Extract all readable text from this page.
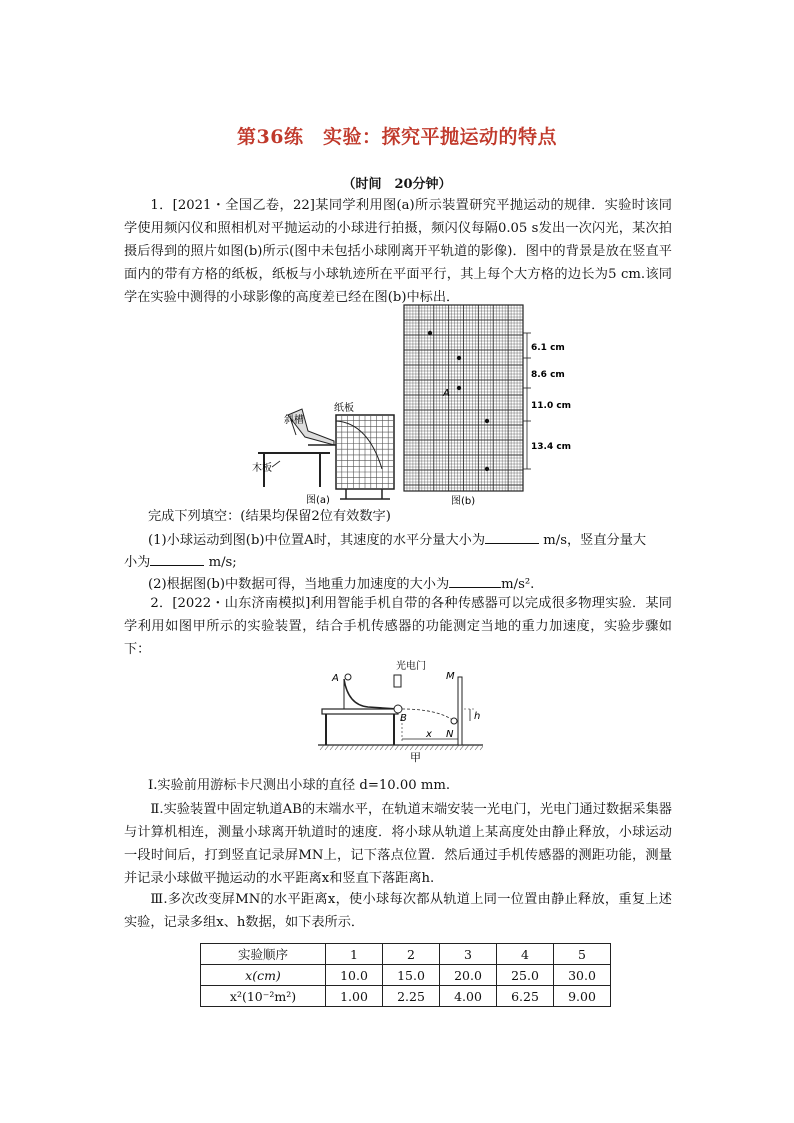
第36练　实验：探究平抛运动的特点
（时间　20分钟）
1．[2021・全国乙卷，22]某同学利用图(a)所示装置研究平抛运动的规律．实验时该同学使用频闪仪和照相机对平抛运动的小球进行拍摄，频闪仪每隔0.05 s发出一次闪光，某次拍摄后得到的照片如图(b)所示(图中未包括小球刚离开平轨道的影像)．图中的背景是放在竖直平面内的带有方格的纸板，纸板与小球轨迹所在平面平行，其上每个大方格的边长为5 cm.该同学在实验中测得的小球影像的高度差已经在图(b)中标出．
斜槽
纸板
木板
图(a)
A
6.1 cm
8.6 cm
11.0 cm
13.4 cm
图(b)
完成下列填空：(结果均保留2位有效数字)
(1)小球运动到图(b)中位置A时，其速度的水平分量大小为	m/s，竖直分量大
小为	m/s;
(2)根据图(b)中数据可得，当地重力加速度的大小为	m/s².
2．[2022・山东济南模拟]利用智能手机自带的各种传感器可以完成很多物理实验．某同学利用如图甲所示的实验装置，结合手机传感器的功能测定当地的重力加速度，实验步骤如下：
光电门
A
B
M
N
h
x
甲
Ⅰ.实验前用游标卡尺测出小球的直径 d=10.00 mm.
Ⅱ.实验装置中固定轨道AB的末端水平，在轨道末端安装一光电门，光电门通过数据采集器与计算机相连，测量小球离开轨道时的速度．将小球从轨道上某高度处由静止释放，小球运动一段时间后，打到竖直记录屏MN上，记下落点位置．然后通过手机传感器的测距功能，测量并记录小球做平抛运动的水平距离x和竖直下落距离h.
Ⅲ.多次改变屏MN的水平距离x，使小球每次都从轨道上同一位置由静止释放，重复上述实验，记录多组x、h数据，如下表所示．
实验顺序	1	2	3	4	5
x(cm)	10.0	15.0	20.0	25.0	30.0
x²(10⁻²m²)	1.00	2.25	4.00	6.25	9.00
